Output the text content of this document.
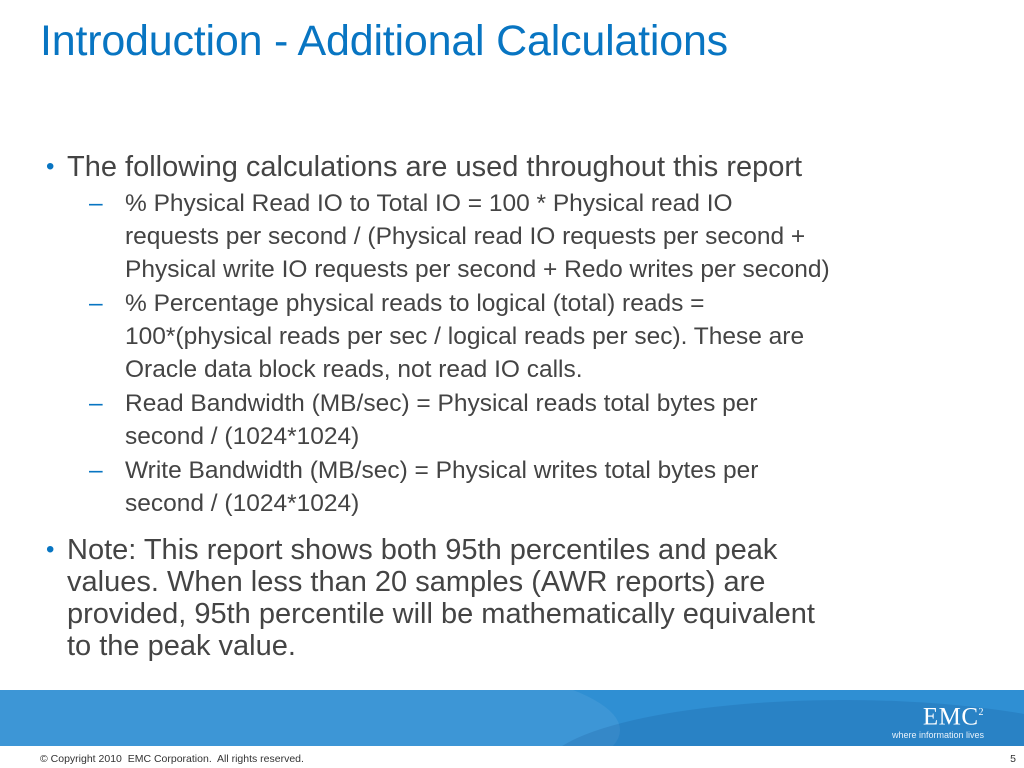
Introduction - Additional Calculations
• The following calculations are used throughout this report
– % Physical Read IO to Total IO = 100 * Physical read IO
requests per second / (Physical read IO requests per second +
Physical write IO requests per second + Redo writes per second)
– % Percentage physical reads to logical (total) reads =
100*(physical reads per sec / logical reads per sec). These are
Oracle data block reads, not read IO calls.
– Read Bandwidth (MB/sec) = Physical reads total bytes per
second / (1024*1024)
– Write Bandwidth (MB/sec) = Physical writes total bytes per
second / (1024*1024)
• Note: This report shows both 95th percentiles and peak
values. When less than 20 samples (AWR reports) are
provided, 95th percentile will be mathematically equivalent
to the peak value.
EMC$^2$
where information lives
© Copyright 2010  EMC Corporation.  All rights reserved.	5
